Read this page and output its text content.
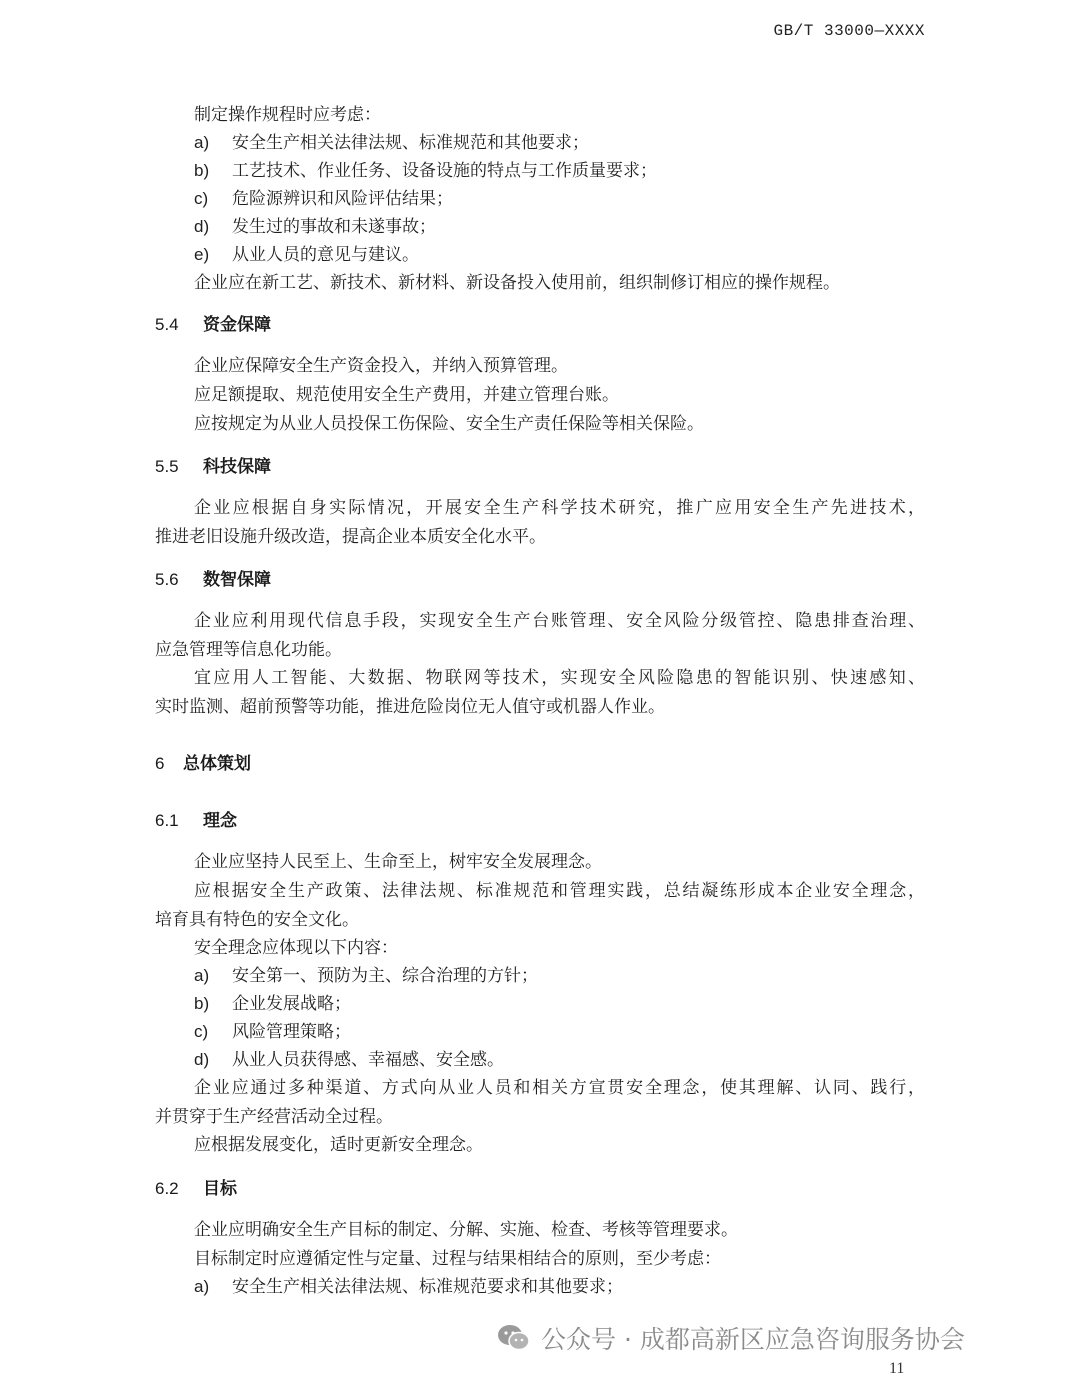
GB/T 33000—XXXX
制定操作规程时应考虑：
a) 安全生产相关法律法规、标准规范和其他要求；
b) 工艺技术、作业任务、设备设施的特点与工作质量要求；
c) 危险源辨识和风险评估结果；
d) 发生过的事故和未遂事故；
e) 从业人员的意见与建议。
企业应在新工艺、新技术、新材料、新设备投入使用前，组织制修订相应的操作规程。
5.4 资金保障
企业应保障安全生产资金投入，并纳入预算管理。
应足额提取、规范使用安全生产费用，并建立管理台账。
应按规定为从业人员投保工伤保险、安全生产责任保险等相关保险。
5.5 科技保障
企业应根据自身实际情况，开展安全生产科学技术研究，推广应用安全生产先进技术，
推进老旧设施升级改造，提高企业本质安全化水平。
5.6 数智保障
企业应利用现代信息手段，实现安全生产台账管理、安全风险分级管控、隐患排查治理、
应急管理等信息化功能。
宜应用人工智能、大数据、物联网等技术，实现安全风险隐患的智能识别、快速感知、
实时监测、超前预警等功能，推进危险岗位无人值守或机器人作业。
6 总体策划
6.1 理念
企业应坚持人民至上、生命至上，树牢安全发展理念。
应根据安全生产政策、法律法规、标准规范和管理实践，总结凝练形成本企业安全理念，
培育具有特色的安全文化。
安全理念应体现以下内容：
a) 安全第一、预防为主、综合治理的方针；
b) 企业发展战略；
c) 风险管理策略；
d) 从业人员获得感、幸福感、安全感。
企业应通过多种渠道、方式向从业人员和相关方宣贯安全理念，使其理解、认同、践行，
并贯穿于生产经营活动全过程。
应根据发展变化，适时更新安全理念。
6.2 目标
企业应明确安全生产目标的制定、分解、实施、检查、考核等管理要求。
目标制定时应遵循定性与定量、过程与结果相结合的原则，至少考虑：
a) 安全生产相关法律法规、标准规范要求和其他要求；
公众号 · 成都高新区应急咨询服务协会
11
